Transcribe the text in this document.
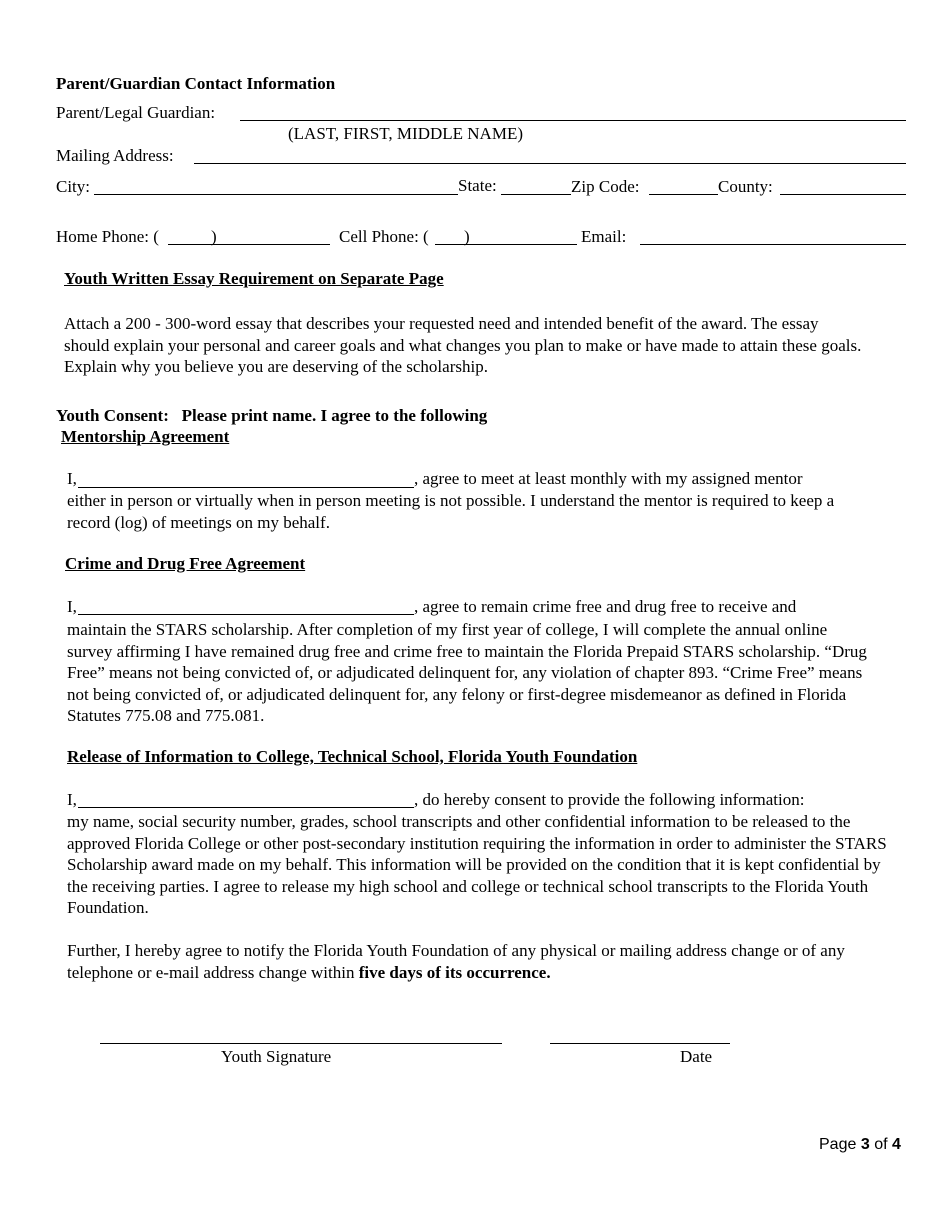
Parent/Guardian Contact Information
Parent/Legal Guardian:
(LAST, FIRST, MIDDLE NAME)
Mailing Address:
City:	State:	Zip Code:	County:
Home Phone: (	)	Cell Phone: ( )	Email:
Youth Written Essay Requirement on Separate Page
Attach a 200 - 300-word essay that describes your requested need and intended benefit of the award. The essay should explain your personal and career goals and what changes you plan to make or have made to attain these goals. Explain why you believe you are deserving of the scholarship.
Youth Consent:   Please print name. I agree to the following
Mentorship Agreement
I,	, agree to meet at least monthly with my assigned mentor
either in person or virtually when in person meeting is not possible. I understand the mentor is required to keep a record (log) of meetings on my behalf.
Crime and Drug Free Agreement
I,	, agree to remain crime free and drug free to receive and
maintain the STARS scholarship. After completion of my first year of college, I will complete the annual online survey affirming I have remained drug free and crime free to maintain the Florida Prepaid STARS scholarship. “Drug Free” means not being convicted of, or adjudicated delinquent for, any violation of chapter 893. “Crime Free” means not being convicted of, or adjudicated delinquent for, any felony or first-degree misdemeanor as defined in Florida Statutes 775.08 and 775.081.
Release of Information to College, Technical School, Florida Youth Foundation
I,	, do hereby consent to provide the following information:
my name, social security number, grades, school transcripts and other confidential information to be released to the approved Florida College or other post-secondary institution requiring the information in order to administer the STARS Scholarship award made on my behalf. This information will be provided on the condition that it is kept confidential by the receiving parties. I agree to release my high school and college or technical school transcripts to the Florida Youth Foundation.
Further, I hereby agree to notify the Florida Youth Foundation of any physical or mailing address change or of any telephone or e-mail address change within five days of its occurrence.
Youth Signature	Date
Page 3 of 4
